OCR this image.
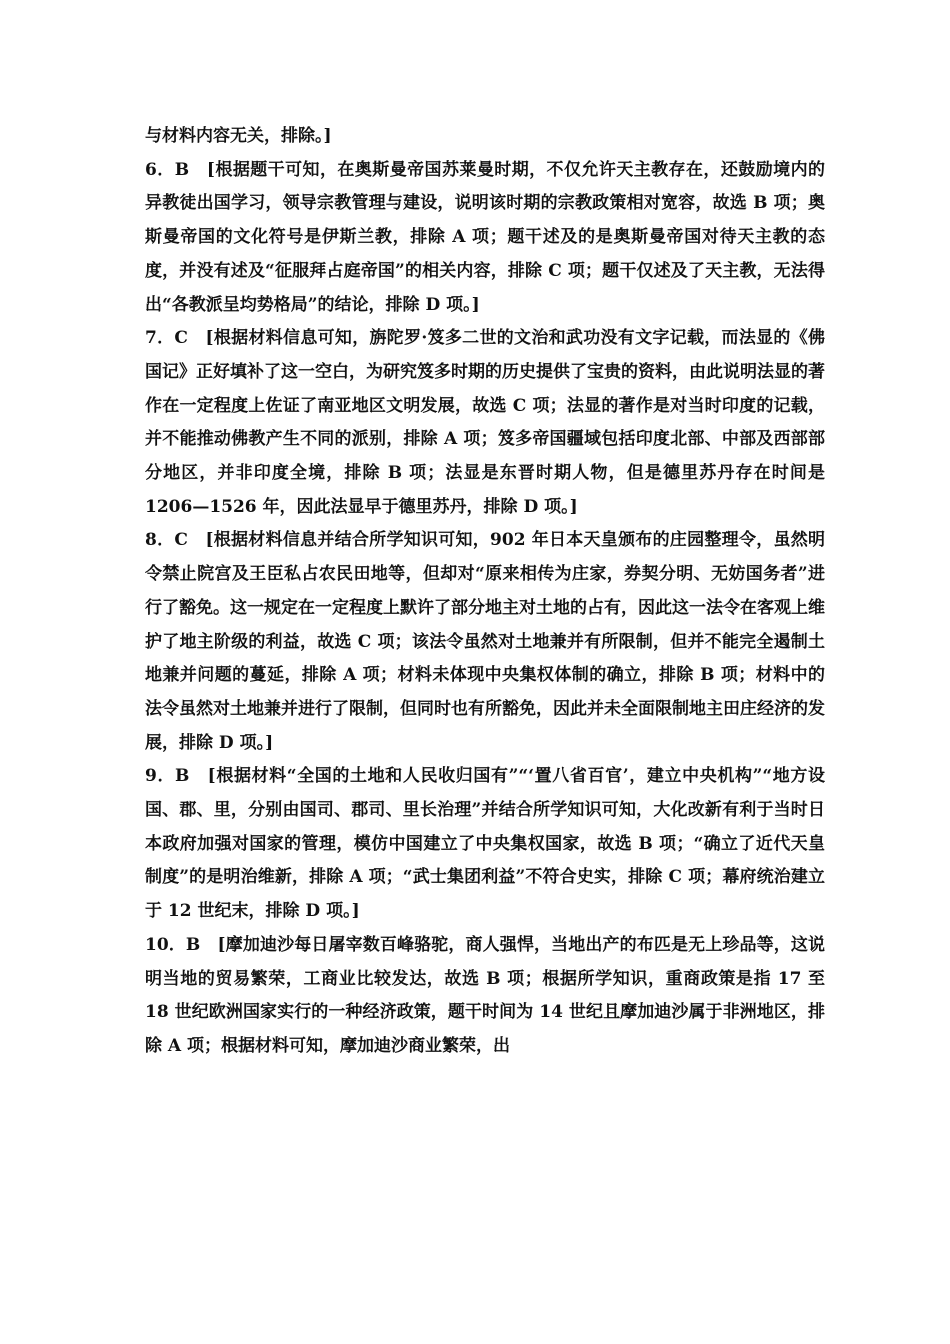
与材料内容无关，排除。]

6．B　 [根据题干可知，在奥斯曼帝国苏莱曼时期，不仅允许天主教存在，还鼓励境内的异教徒出国学习，领导宗教管理与建设，说明该时期的宗教政策相对宽容，故选 B 项；奥斯曼帝国的文化符号是伊斯兰教，排除 A 项；题干述及的是奥斯曼帝国对待天主教的态度，并没有述及“征服拜占庭帝国”的相关内容，排除 C 项；题干仅述及了天主教，无法得出“各教派呈均势格局”的结论，排除 D 项。]

7．C　 [根据材料信息可知，旃陀罗·笈多二世的文治和武功没有文字记载，而法显的《佛国记》正好填补了这一空白，为研究笈多时期的历史提供了宝贵的资料，由此说明法显的著作在一定程度上佐证了南亚地区文明发展，故选 C 项；法显的著作是对当时印度的记载，并不能推动佛教产生不同的派别，排除 A 项；笈多帝国疆域包括印度北部、中部及西部部分地区，并非印度全境，排除 B 项；法显是东晋时期人物，但是德里苏丹存在时间是 1206—1526 年，因此法显早于德里苏丹，排除 D 项。]

8．C　 [根据材料信息并结合所学知识可知，902 年日本天皇颁布的庄园整理令，虽然明令禁止院宫及王臣私占农民田地等，但却对“原来相传为庄家，券契分明、无妨国务者”进行了豁免。这一规定在一定程度上默许了部分地主对土地的占有，因此这一法令在客观上维护了地主阶级的利益，故选 C 项；该法令虽然对土地兼并有所限制，但并不能完全遏制土地兼并问题的蔓延，排除 A 项；材料未体现中央集权体制的确立，排除 B 项；材料中的法令虽然对土地兼并进行了限制，但同时也有所豁免，因此并未全面限制地主田庄经济的发展，排除 D 项。]

9．B　 [根据材料“全国的土地和人民收归国有”“‘置八省百官’，建立中央机构”“地方设国、郡、里，分别由国司、郡司、里长治理”并结合所学知识可知，大化改新有利于当时日本政府加强对国家的管理，模仿中国建立了中央集权国家，故选 B 项；“确立了近代天皇制度”的是明治维新，排除 A 项；“武士集团利益”不符合史实，排除 C 项；幕府统治建立于 12 世纪末，排除 D 项。]

10．B　 [摩加迪沙每日屠宰数百峰骆驼，商人强悍，当地出产的布匹是无上珍品等，这说明当地的贸易繁荣，工商业比较发达，故选 B 项；根据所学知识，重商政策是指 17 至 18 世纪欧洲国家实行的一种经济政策，题干时间为 14 世纪且摩加迪沙属于非洲地区，排除 A 项；根据材料可知，摩加迪沙商业繁荣，出
